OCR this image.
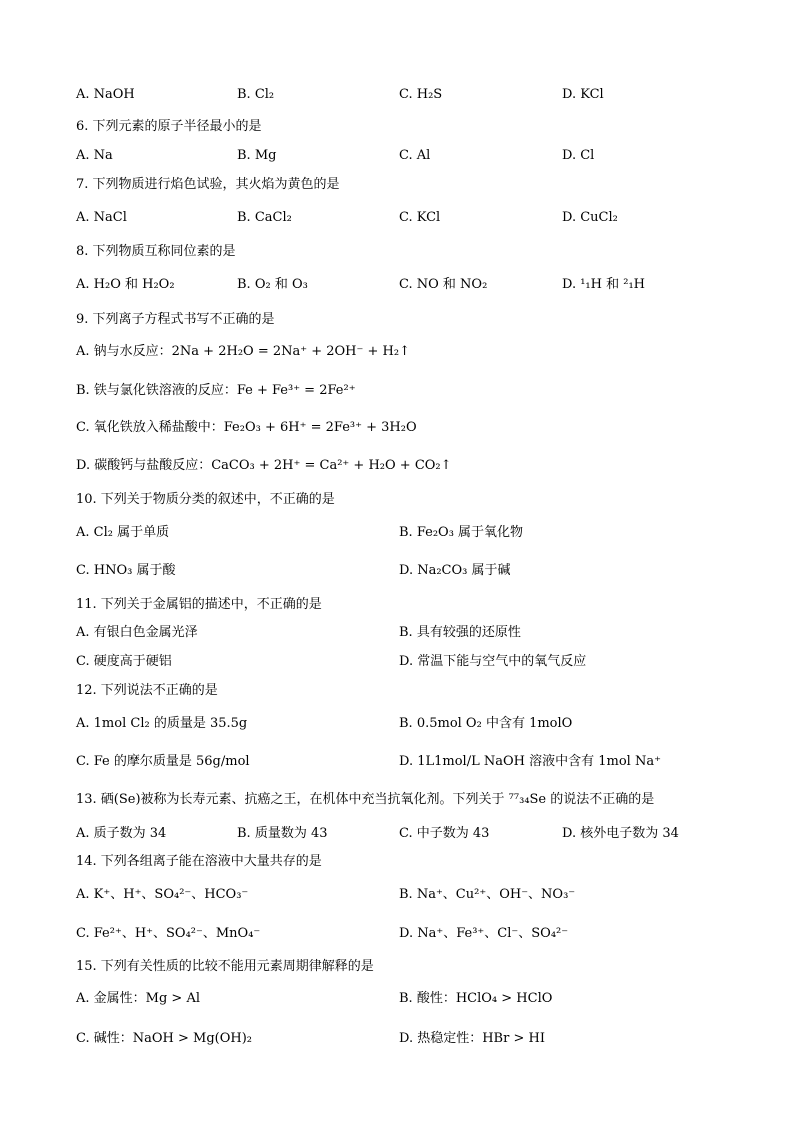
A. NaOH	B. Cl₂	C. H₂S	D. KCl
6. 下列元素的原子半径最小的是
A. Na	B. Mg	C. Al	D. Cl
7. 下列物质进行焰色试验，其火焰为黄色的是
A. NaCl	B. CaCl₂	C. KCl	D. CuCl₂
8. 下列物质互称同位素的是
A. H₂O 和 H₂O₂	B. O₂ 和 O₃	C. NO 和 NO₂	D. ¹₁H 和 ²₁H
9. 下列离子方程式书写不正确的是
A. 钠与水反应：2Na + 2H₂O = 2Na⁺ + 2OH⁻ + H₂↑
B. 铁与氯化铁溶液的反应：Fe + Fe³⁺ = 2Fe²⁺
C. 氧化铁放入稀盐酸中：Fe₂O₃ + 6H⁺ = 2Fe³⁺ + 3H₂O
D. 碳酸钙与盐酸反应：CaCO₃ + 2H⁺ = Ca²⁺ + H₂O + CO₂↑
10. 下列关于物质分类的叙述中，不正确的是
A. Cl₂ 属于单质	B. Fe₂O₃ 属于氧化物
C. HNO₃ 属于酸	D. Na₂CO₃ 属于碱
11. 下列关于金属铝的描述中，不正确的是
A. 有银白色金属光泽	B. 具有较强的还原性
C. 硬度高于硬铝	D. 常温下能与空气中的氧气反应
12. 下列说法不正确的是
A. 1mol Cl₂ 的质量是 35.5g	B. 0.5mol O₂ 中含有 1molO
C. Fe 的摩尔质量是 56g/mol	D. 1L1mol/L NaOH 溶液中含有 1mol Na⁺
13. 硒(Se)被称为长寿元素、抗癌之王，在机体中充当抗氧化剂。下列关于 ⁷⁷₃₄Se 的说法不正确的是
A. 质子数为 34	B. 质量数为 43	C. 中子数为 43	D. 核外电子数为 34
14. 下列各组离子能在溶液中大量共存的是
A. K⁺、H⁺、SO₄²⁻、HCO₃⁻	B. Na⁺、Cu²⁺、OH⁻、NO₃⁻
C. Fe²⁺、H⁺、SO₄²⁻、MnO₄⁻	D. Na⁺、Fe³⁺、Cl⁻、SO₄²⁻
15. 下列有关性质的比较不能用元素周期律解释的是
A. 金属性：Mg > Al	B. 酸性：HClO₄ > HClO
C. 碱性：NaOH > Mg(OH)₂	D. 热稳定性：HBr > HI
